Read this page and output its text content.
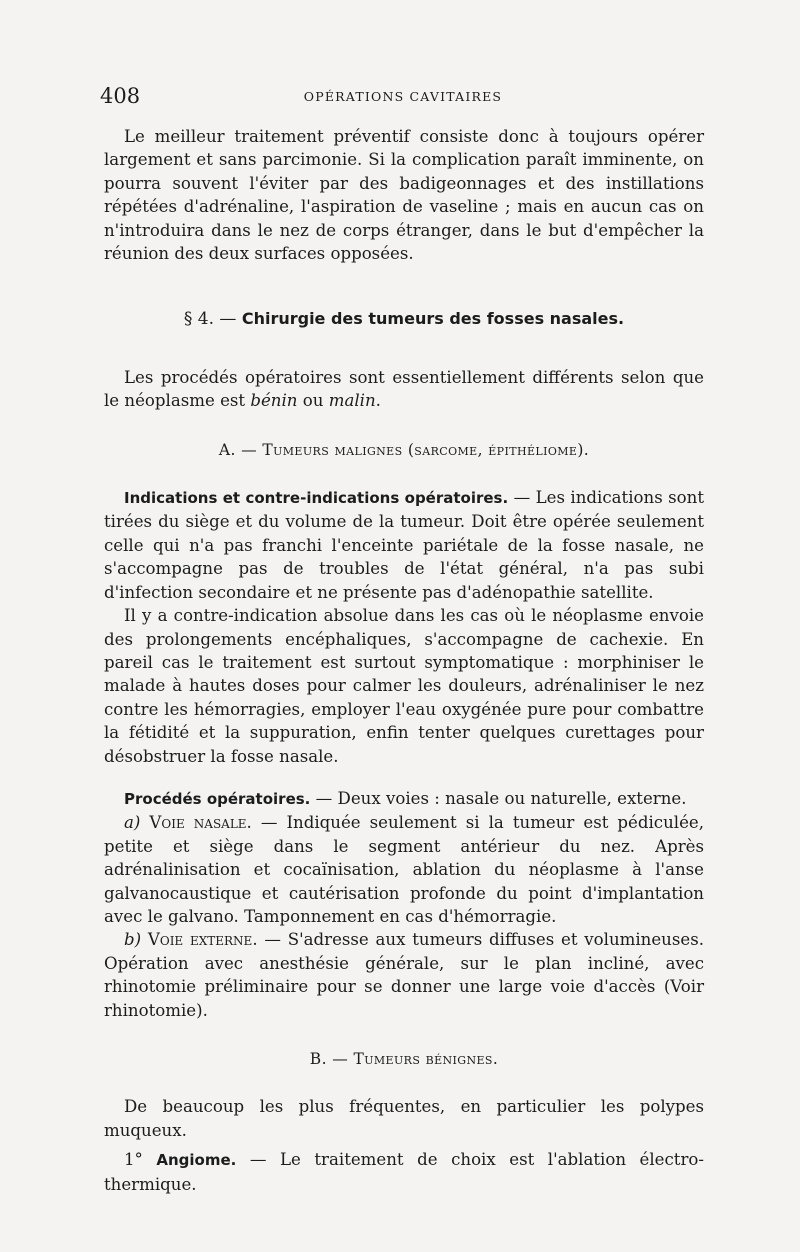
408	OPÉRATIONS CAVITAIRES

Le meilleur traitement préventif consiste donc à toujours opérer largement et sans parcimonie. Si la complication paraît imminente, on pourra souvent l'éviter par des badigeonnages et des instillations répétées d'adrénaline, l'aspiration de vaseline ; mais en aucun cas on n'introduira dans le nez de corps étranger, dans le but d'empêcher la réunion des deux surfaces opposées.

§ 4. — Chirurgie des tumeurs des fosses nasales.

Les procédés opératoires sont essentiellement différents selon que le néoplasme est bénin ou malin.

A. — Tumeurs malignes (sarcome, épithéliome).

Indications et contre-indications opératoires. — Les indications sont tirées du siège et du volume de la tumeur. Doit être opérée seulement celle qui n'a pas franchi l'enceinte pariétale de la fosse nasale, ne s'accompagne pas de troubles de l'état général, n'a pas subi d'infection secondaire et ne présente pas d'adénopathie satellite.

Il y a contre-indication absolue dans les cas où le néoplasme envoie des prolongements encéphaliques, s'accompagne de cachexie. En pareil cas le traitement est surtout symptomatique : morphiniser le malade à hautes doses pour calmer les douleurs, adrénaliniser le nez contre les hémorragies, employer l'eau oxygénée pure pour combattre la fétidité et la suppuration, enfin tenter quelques curettages pour désobstruer la fosse nasale.

Procédés opératoires. — Deux voies : nasale ou naturelle, externe.

a) Voie nasale. — Indiquée seulement si la tumeur est pédiculée, petite et siège dans le segment antérieur du nez. Après adrénalinisation et cocaïnisation, ablation du néoplasme à l'anse galvanocaustique et cautérisation profonde du point d'implantation avec le galvano. Tamponnement en cas d'hémorragie.

b) Voie externe. — S'adresse aux tumeurs diffuses et volumineuses. Opération avec anesthésie générale, sur le plan incliné, avec rhinotomie préliminaire pour se donner une large voie d'accès (Voir rhinotomie).

B. — Tumeurs bénignes.

De beaucoup les plus fréquentes, en particulier les polypes muqueux.

1° Angiome. — Le traitement de choix est l'ablation électro-thermique.
